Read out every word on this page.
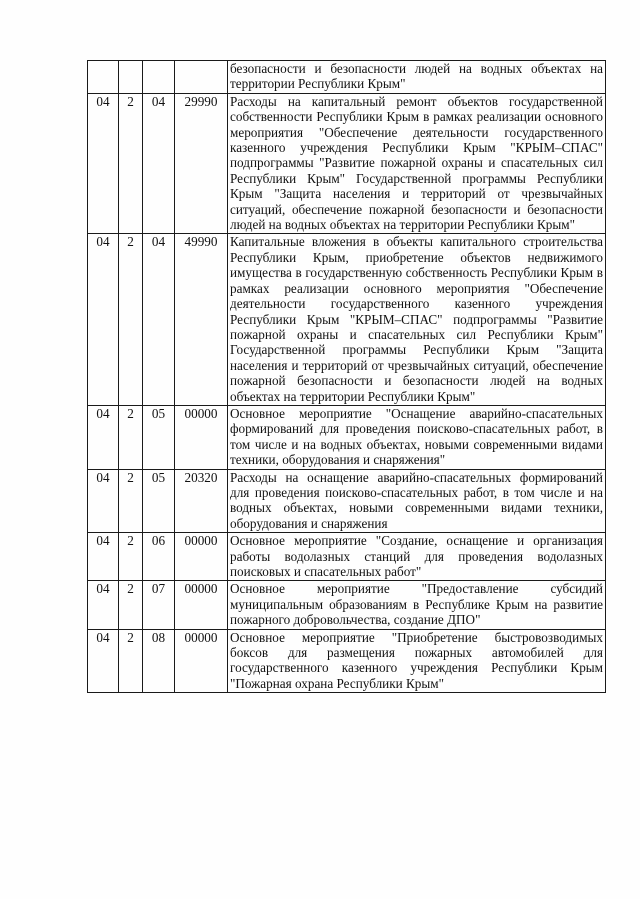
				безопасности и безопасности людей на водных объектах на территории Республики Крым"
04	2	04	29990	Расходы на капитальный ремонт объектов государственной собственности Республики Крым в рамках реализации основного мероприятия "Обеспечение деятельности государственного казенного учреждения Республики Крым "КРЫМ–СПАС" подпрограммы "Развитие пожарной охраны и спасательных сил Республики Крым" Государственной программы Республики Крым "Защита населения и территорий от чрезвычайных ситуаций, обеспечение пожарной безопасности и безопасности людей на водных объектах на территории Республики Крым"
04	2	04	49990	Капитальные вложения в объекты капитального строительства Республики Крым, приобретение объектов недвижимого имущества в государственную собственность Республики Крым в рамках реализации основного мероприятия "Обеспечение деятельности государственного казенного учреждения Республики Крым "КРЫМ–СПАС" подпрограммы "Развитие пожарной охраны и спасательных сил Республики Крым" Государственной программы Республики Крым "Защита населения и территорий от чрезвычайных ситуаций, обеспечение пожарной безопасности и безопасности людей на водных объектах на территории Республики Крым"
04	2	05	00000	Основное мероприятие "Оснащение аварийно-спасательных формирований для проведения поисково-спасательных работ, в том числе и на водных объектах, новыми современными видами техники, оборудования и снаряжения"
04	2	05	20320	Расходы на оснащение аварийно-спасательных формирований для проведения поисково-спасательных работ, в том числе и на водных объектах, новыми современными видами техники, оборудования и снаряжения
04	2	06	00000	Основное мероприятие "Создание, оснащение и организация работы водолазных станций для проведения водолазных поисковых и спасательных работ"
04	2	07	00000	Основное мероприятие "Предоставление субсидий муниципальным образованиям в Республике Крым на развитие пожарного добровольчества, создание ДПО"
04	2	08	00000	Основное мероприятие "Приобретение быстровозводимых боксов для размещения пожарных автомобилей для государственного казенного учреждения Республики Крым "Пожарная охрана Республики Крым"
